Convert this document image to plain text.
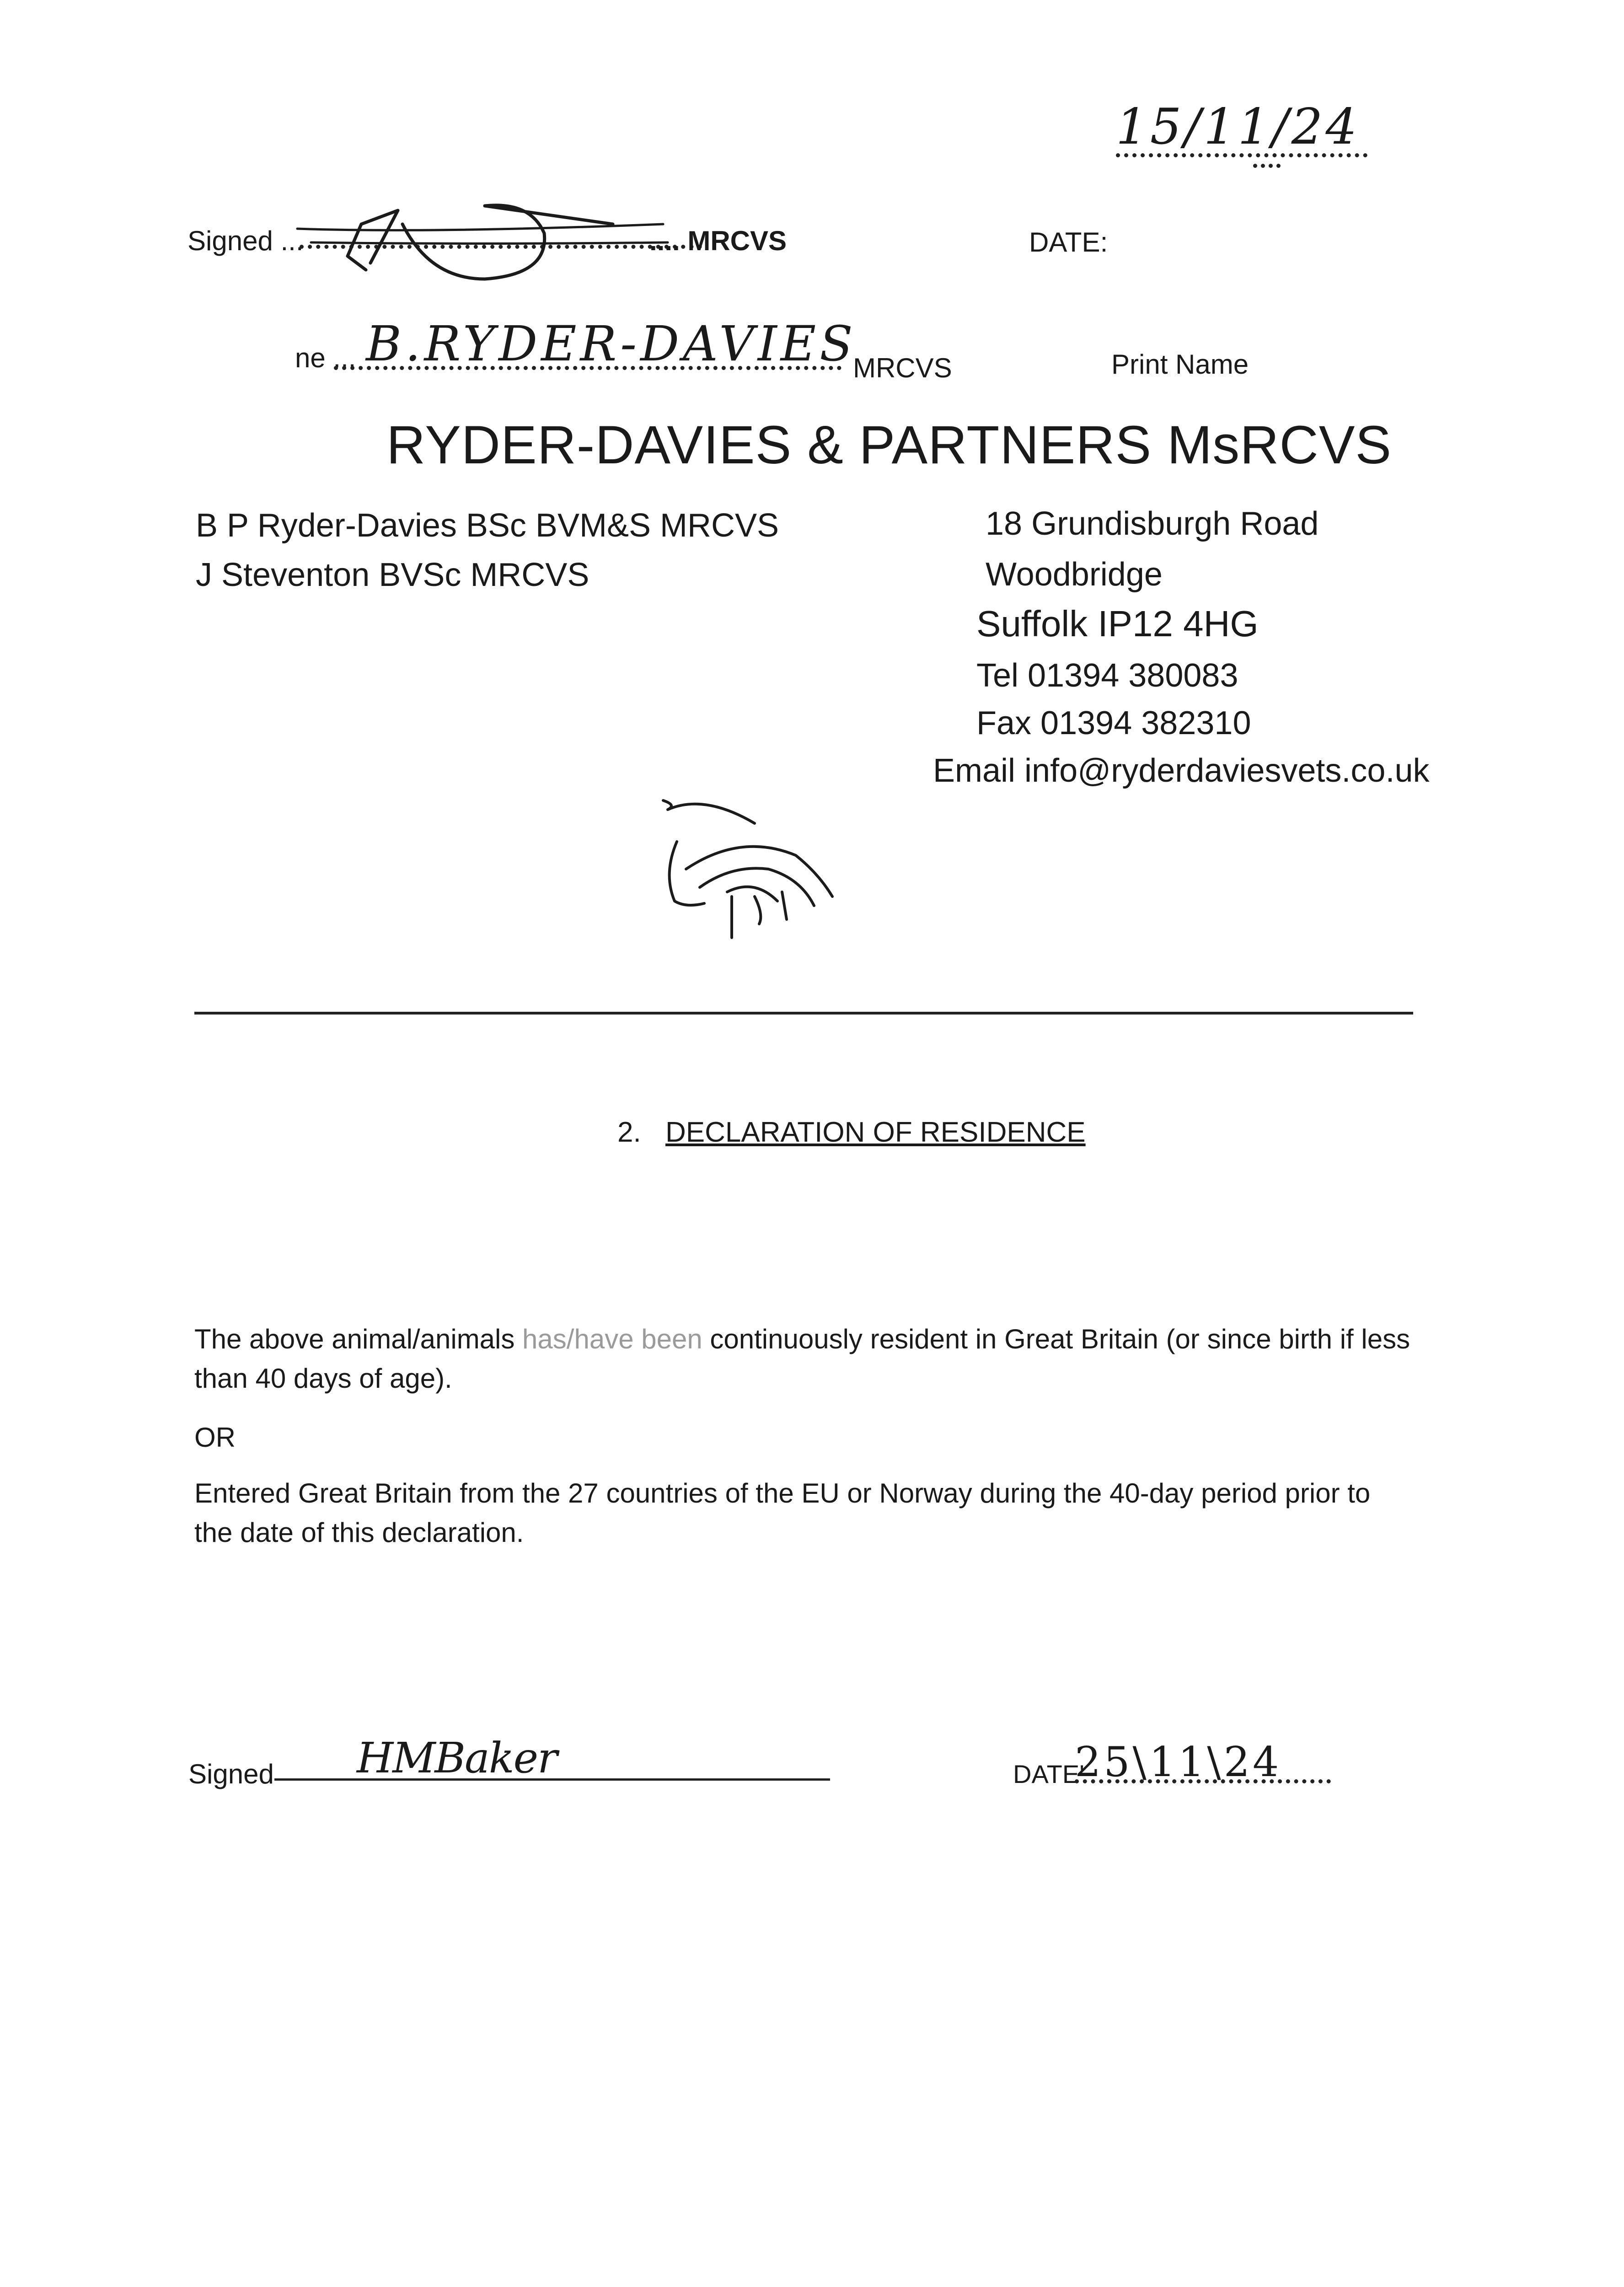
15/11/24
Signed ...	.... MRCVS	DATE:
ne ... B.RYDER-DAVIES
MRCVS	Print Name
RYDER-DAVIES & PARTNERS MsRCVS
B P Ryder-Davies BSc BVM&S MRCVS
J Steventon BVSc MRCVS
18 Grundisburgh Road
Woodbridge
Suffolk IP12 4HG
Tel 01394 380083
Fax 01394 382310
Email info@ryderdaviesvets.co.uk
2. DECLARATION OF RESIDENCE

The above animal/animals has/have been continuously resident in Great Britain (or since birth if less than 40 days of age).

OR

Entered Great Britain from the 27 countries of the EU or Norway during the 40-day period prior to the date of this declaration.

Signed HMBaker	DATE'
25\11\24
